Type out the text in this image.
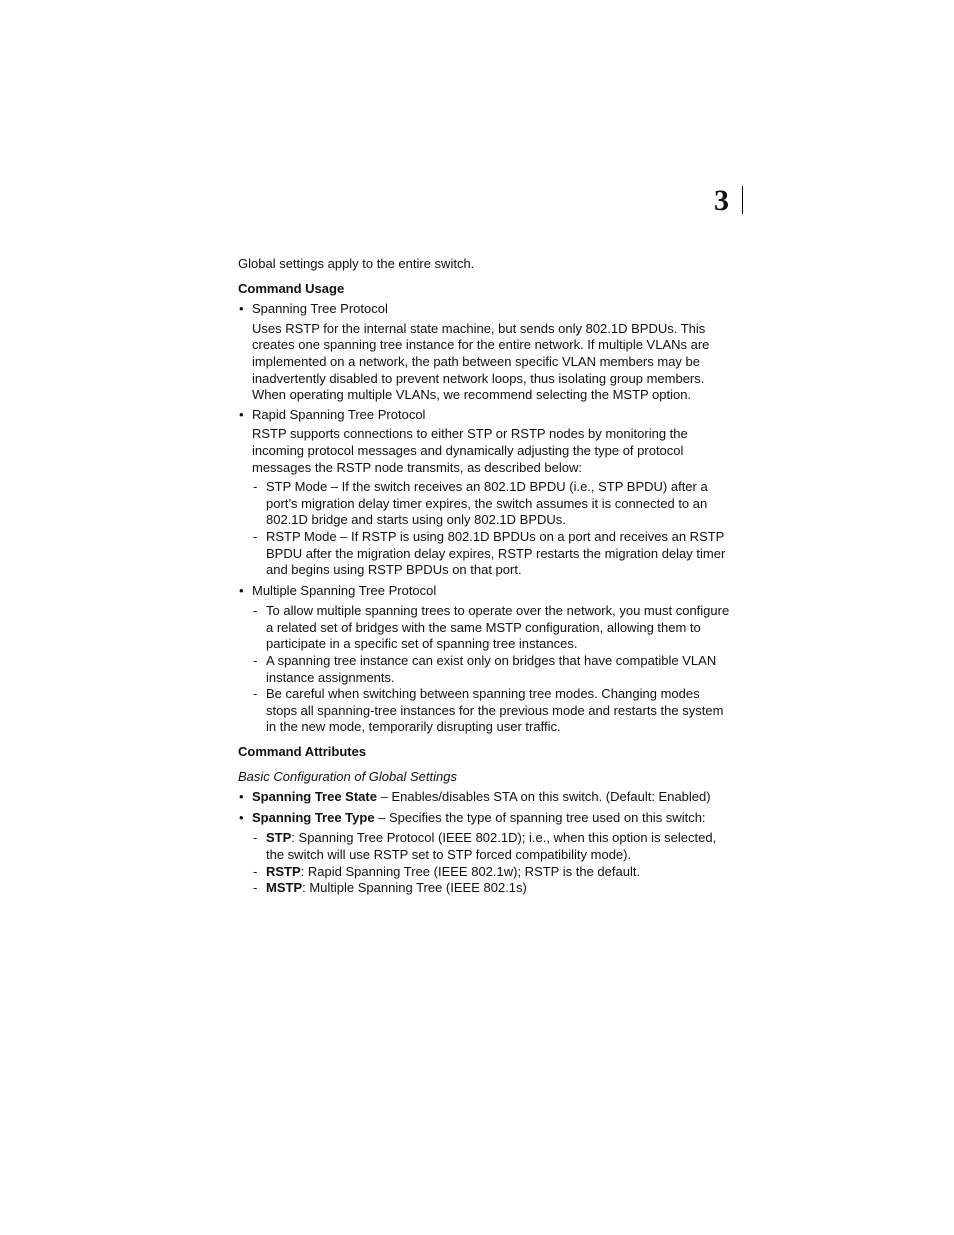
3

Global settings apply to the entire switch.

Command Usage

• Spanning Tree Protocol

Uses RSTP for the internal state machine, but sends only 802.1D BPDUs. This creates one spanning tree instance for the entire network. If multiple VLANs are implemented on a network, the path between specific VLAN members may be inadvertently disabled to prevent network loops, thus isolating group members. When operating multiple VLANs, we recommend selecting the MSTP option.

• Rapid Spanning Tree Protocol

RSTP supports connections to either STP or RSTP nodes by monitoring the incoming protocol messages and dynamically adjusting the type of protocol messages the RSTP node transmits, as described below:

- STP Mode – If the switch receives an 802.1D BPDU (i.e., STP BPDU) after a port’s migration delay timer expires, the switch assumes it is connected to an 802.1D bridge and starts using only 802.1D BPDUs.
- RSTP Mode – If RSTP is using 802.1D BPDUs on a port and receives an RSTP BPDU after the migration delay expires, RSTP restarts the migration delay timer and begins using RSTP BPDUs on that port.
• Multiple Spanning Tree Protocol
- To allow multiple spanning trees to operate over the network, you must configure a related set of bridges with the same MSTP configuration, allowing them to participate in a specific set of spanning tree instances.
- A spanning tree instance can exist only on bridges that have compatible VLAN instance assignments.
- Be careful when switching between spanning tree modes. Changing modes stops all spanning-tree instances for the previous mode and restarts the system in the new mode, temporarily disrupting user traffic.

Command Attributes

Basic Configuration of Global Settings

• Spanning Tree State – Enables/disables STA on this switch. (Default: Enabled)
• Spanning Tree Type – Specifies the type of spanning tree used on this switch:
- STP: Spanning Tree Protocol (IEEE 802.1D); i.e., when this option is selected, the switch will use RSTP set to STP forced compatibility mode).
- RSTP: Rapid Spanning Tree (IEEE 802.1w); RSTP is the default.
- MSTP: Multiple Spanning Tree (IEEE 802.1s)
